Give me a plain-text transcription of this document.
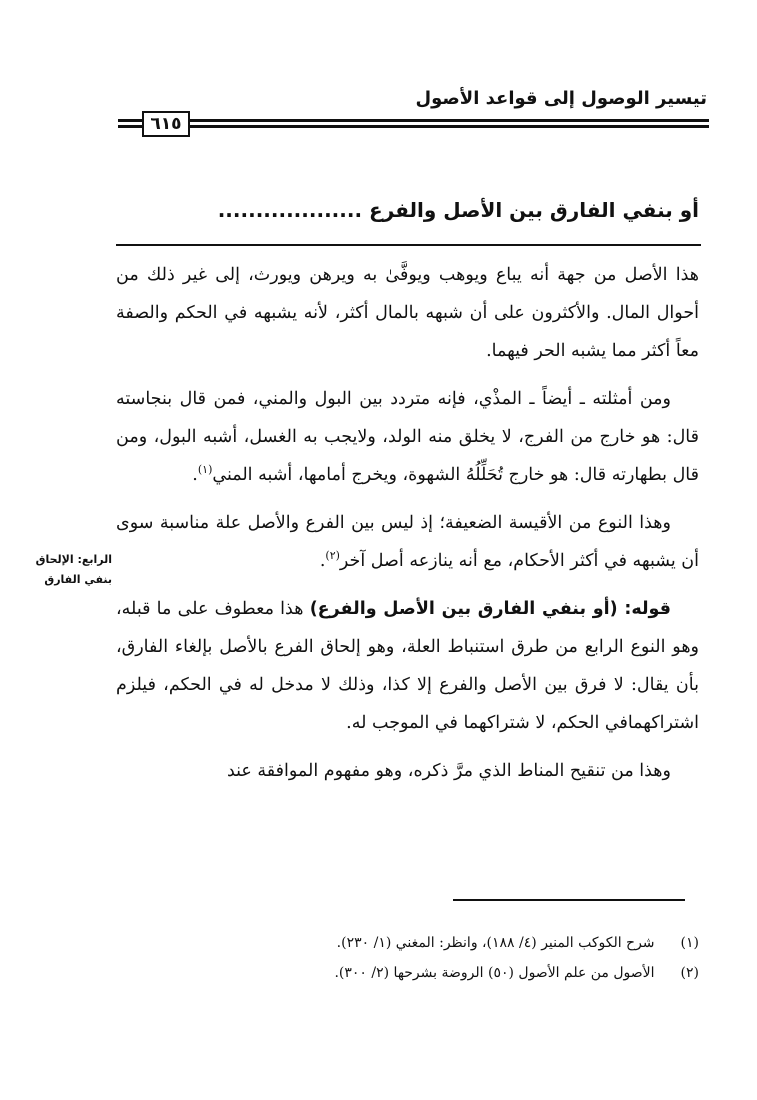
تيسير الوصول إلى قواعد الأصول
٦١٥
أو بنفي الفارق بين الأصل والفرع ...................

هذا الأصل من جهة أنه يباع ويوهب ويوفَّىٰ به ويرهن ويورث، إلى غير ذلك من أحوال المال. والأكثرون على أن شبهه بالمال أكثر، لأنه يشبهه في الحكم والصفة معاً أكثر مما يشبه الحر فيهما.

ومن أمثلته ـ أيضاً ـ المذْي، فإنه متردد بين البول والمني، فمن قال بنجاسته قال: هو خارج من الفرج، لا يخلق منه الولد، ولايجب به الغسل، أشبه البول، ومن قال بطهارته قال: هو خارج تُحَلِّلُهُ الشهوة، ويخرج أمامها، أشبه المني$^{(١)}$.

وهذا النوع من الأقيسة الضعيفة؛ إذ ليس بين الفرع والأصل علة مناسبة سوى أن يشبهه في أكثر الأحكام، مع أنه ينازعه أصل آخر$^{(٢)}$.

قوله: (أو بنفي الفارق بين الأصل والفرع) هذا معطوف على ما قبله، وهو النوع الرابع من طرق استنباط العلة، وهو إلحاق الفرع بالأصل بإلغاء الفارق، بأن يقال: لا فرق بين الأصل والفرع إلا كذا، وذلك لا مدخل له في الحكم، فيلزم اشتراكهمافي الحكم، لا شتراكهما في الموجب له.

وهذا من تنقيح المناط الذي مرَّ ذكره، وهو مفهوم الموافقة عند

الرابع: الإلحاق
بنفي الفارق
(١) شرح الكوكب المنير (٤/ ١٨٨)، وانظر: المغني (١/ ٢٣٠).
(٢) الأصول من علم الأصول (٥٠) الروضة بشرحها (٢/ ٣٠٠).
